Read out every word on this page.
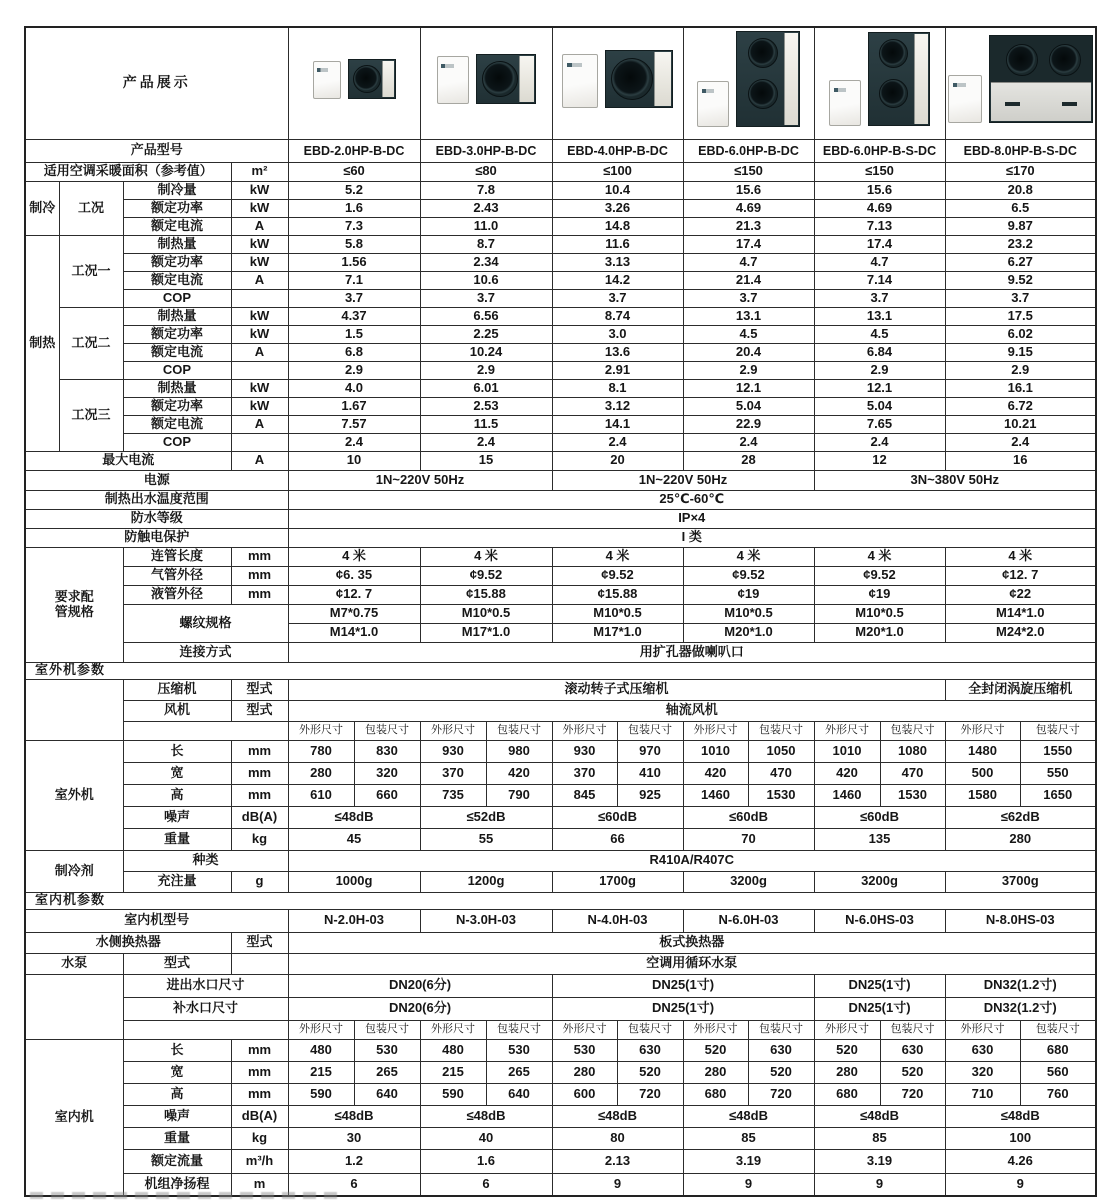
产品展示										

产品型号				EBD-2.0HP-B-DC		EBD-3.0HP-B-DC		EBD-4.0HP-B-DC		EBD-6.0HP-B-DC		EBD-6.0HP-B-S-DC		EBD-8.0HP-B-S-DC	
适用空调采暖面积（参考值）			m²	≤60		≤80		≤100		≤150		≤150		≤170	
制冷	工况	制冷量	kW	5.2		7.8		10.4		15.6		15.6		20.8	
		额定功率	kW	1.6		2.43		3.26		4.69		4.69		6.5	
		额定电流	A	7.3		11.0		14.8		21.3		7.13		9.87	
制热	工况一	制热量	kW	5.8		8.7		11.6		17.4		17.4		23.2	
		额定功率	kW	1.56		2.34		3.13		4.7		4.7		6.27	
		额定电流	A	7.1		10.6		14.2		21.4		7.14		9.52	
		COP		3.7		3.7		3.7		3.7		3.7		3.7	
	工况二	制热量	kW	4.37		6.56		8.74		13.1		13.1		17.5	
		额定功率	kW	1.5		2.25		3.0		4.5		4.5		6.02	
		额定电流	A	6.8		10.24		13.6		20.4		6.84		9.15	
		COP		2.9		2.9		2.91		2.9		2.9		2.9	
	工况三	制热量	kW	4.0		6.01		8.1		12.1		12.1		16.1	
		额定功率	kW	1.67		2.53		3.12		5.04		5.04		6.72	
		额定电流	A	7.57		11.5		14.1		22.9		7.65		10.21	
		COP		2.4		2.4		2.4		2.4		2.4		2.4	
最大电流			A	10		15		20		28		12		16	
电源				1N~220V 50Hz				1N~220V 50Hz				3N~380V 50Hz			
制热出水温度范围				25℃-60℃											
防水等级				IP×4											
防触电保护				I 类											

要求配
管规格		连管长度	mm	4 米		4 米		4 米		4 米		4 米		4 米	
		气管外径	mm	¢6. 35		¢9.52		¢9.52		¢9.52		¢9.52		¢12. 7	
		液管外径	mm	¢12. 7		¢15.88		¢15.88		¢19		¢19		¢22	
		螺纹规格		M7*0.75		M10*0.5		M10*0.5		M10*0.5		M10*0.5		M14*1.0	
				M14*1.0		M17*1.0		M17*1.0		M20*1.0		M20*1.0		M24*2.0	
		连接方式		用扩孔器做喇叭口											
室外机参数															
		压缩机	型式	滚动转子式压缩机										全封闭涡旋压缩机	
		风机	型式	轴流风机											
				外形尺寸	包装尺寸	外形尺寸	包装尺寸	外形尺寸	包装尺寸	外形尺寸	包装尺寸	外形尺寸	包装尺寸	外形尺寸	包装尺寸
室外机		长	mm	780	830	930	980	930	970	1010	1050	1010	1080	1480	1550
		宽	mm	280	320	370	420	370	410	420	470	420	470	500	550
		高	mm	610	660	735	790	845	925	1460	1530	1460	1530	1580	1650
		噪声	dB(A)	≤48dB		≤52dB		≤60dB		≤60dB		≤60dB		≤62dB	
		重量	kg	45		55		66		70		135		280	
制冷剂		种类		R410A/R407C											
		充注量	g	1000g		1200g		1700g		3200g		3200g		3700g	
室内机参数															
室内机型号				N-2.0H-03		N-3.0H-03		N-4.0H-03		N-6.0H-03		N-6.0HS-03		N-8.0HS-03	
水侧换热器			型式	板式换热器											
水泵		型式		空调用循环水泵											
		进出水口尺寸		DN20(6分)				DN25(1寸)				DN25(1寸)		DN32(1.2寸)	
		补水口尺寸		DN20(6分)				DN25(1寸)				DN25(1寸)		DN32(1.2寸)	
				外形尺寸	包装尺寸	外形尺寸	包装尺寸	外形尺寸	包装尺寸	外形尺寸	包装尺寸	外形尺寸	包装尺寸	外形尺寸	包装尺寸
室内机		长	mm	480	530	480	530	530	630	520	630	520	630	630	680
		宽	mm	215	265	215	265	280	520	280	520	280	520	320	560
		高	mm	590	640	590	640	600	720	680	720	680	720	710	760
		噪声	dB(A)	≤48dB		≤48dB		≤48dB		≤48dB		≤48dB		≤48dB	
		重量	kg	30		40		80		85		85		100	
		额定流量	m³/h	1.2		1.6		2.13		3.19		3.19		4.26	
		机组净扬程	m	6		6		9		9		9		9	
